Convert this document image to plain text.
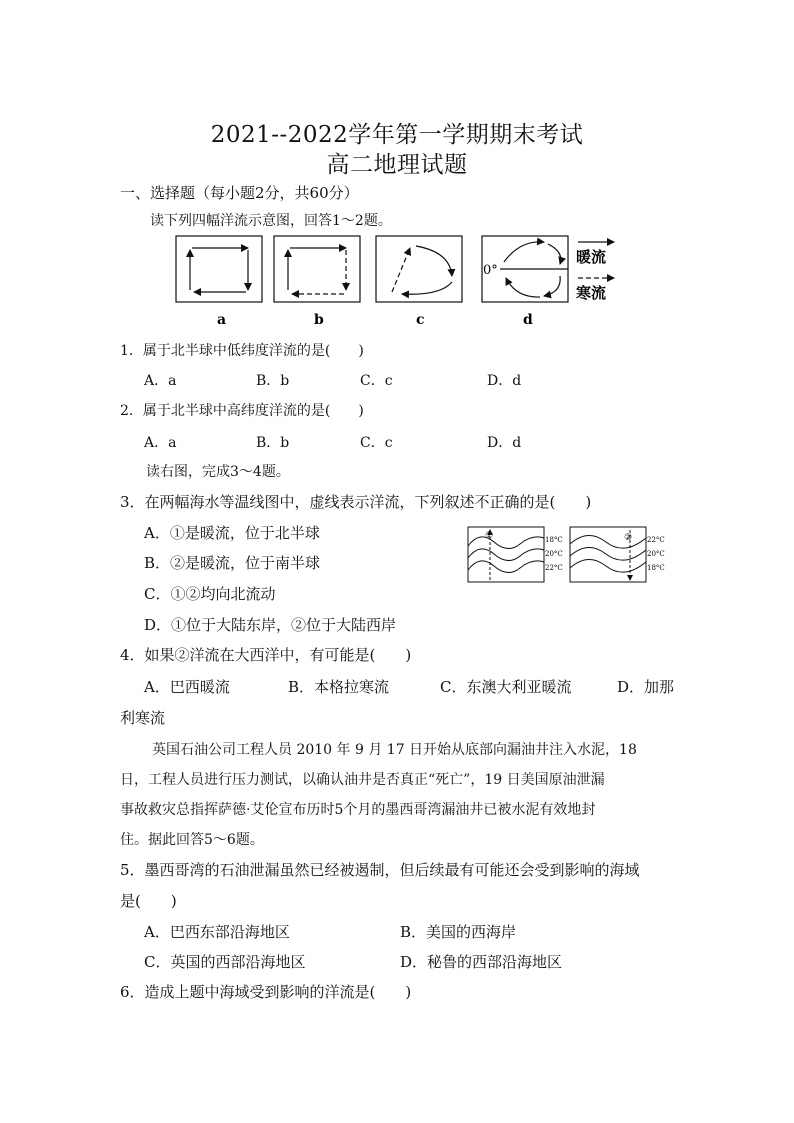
2021--2022学年第一学期期末考试
高二地理试题
一、选择题（每小题2分，共60分）
读下列四幅洋流示意图，回答1～2题。
0°
暖流
寒流
a	b	c	d
1．属于北半球中低纬度洋流的是(　　)
A．a	B．b	C．c	D．d
2．属于北半球中高纬度洋流的是(　　)
A．a	B．b	C．c	D．d
读右图，完成3～4题。
3．在两幅海水等温线图中，虚线表示洋流，下列叙述不正确的是(　　)
A．①是暖流，位于北半球
B．②是暖流，位于南半球
C．①②均向北流动
D．①位于大陆东岸，②位于大陆西岸
①	18°C
20°C
22°C
② 22°C
20°C
18°C
4．如果②洋流在大西洋中，有可能是(　　)
A．巴西暖流	B．本格拉寒流	C．东澳大利亚暖流	D．加那
利寒流
英国石油公司工程人员 2010 年 9 月 17 日开始从底部向漏油井注入水泥，18
日，工程人员进行压力测试，以确认油井是否真正“死亡”，19 日美国原油泄漏
事故救灾总指挥萨德·艾伦宣布历时5个月的墨西哥湾漏油井已被水泥有效地封
住。据此回答5～6题。
5．墨西哥湾的石油泄漏虽然已经被遏制，但后续最有可能还会受到影响的海域
是(　　)
A．巴西东部沿海地区	B．美国的西海岸
C．英国的西部沿海地区	D．秘鲁的西部沿海地区
6．造成上题中海域受到影响的洋流是(　　)
